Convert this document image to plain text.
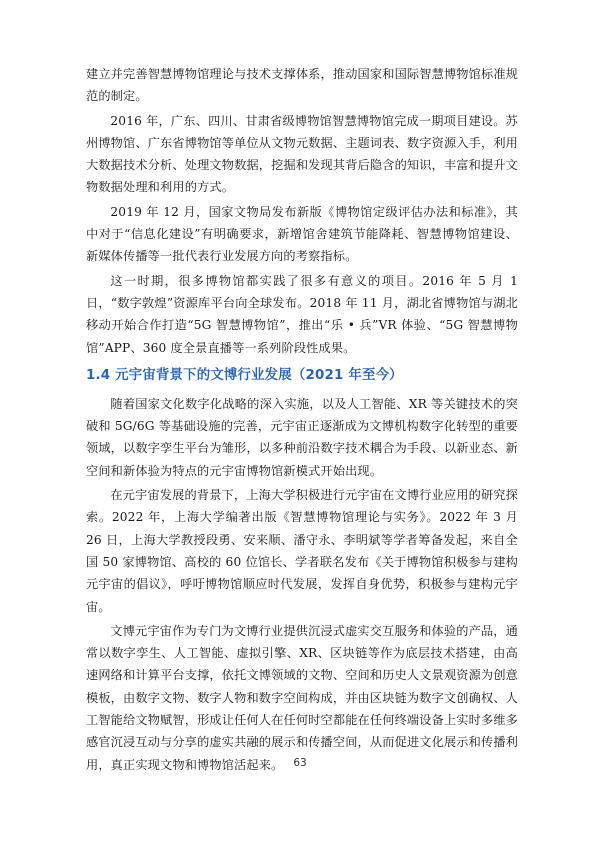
建立并完善智慧博物馆理论与技术支撑体系，推动国家和国际智慧博物馆标准规范的制定。

2016 年，广东、四川、甘肃省级博物馆智慧博物馆完成一期项目建设。苏州博物馆、广东省博物馆等单位从文物元数据、主题词表、数字资源入手，利用大数据技术分析、处理文物数据，挖掘和发现其背后隐含的知识，丰富和提升文物数据处理和利用的方式。

2019 年 12 月，国家文物局发布新版《博物馆定级评估办法和标准》，其中对于“信息化建设”有明确要求，新增馆舍建筑节能降耗、智慧博物馆建设、新媒体传播等一批代表行业发展方向的考察指标。

这一时期，很多博物馆都实践了很多有意义的项目。2016 年 5 月 1 日，“数字敦煌”资源库平台向全球发布。2018 年 11 月，湖北省博物馆与湖北移动开始合作打造“5G 智慧博物馆”，推出“乐 • 兵”VR 体验、“5G 智慧博物馆”APP、360 度全景直播等一系列阶段性成果。

1.4 元宇宙背景下的文博行业发展（2021 年至今）

随着国家文化数字化战略的深入实施，以及人工智能、XR 等关键技术的突破和 5G/6G 等基础设施的完善，元宇宙正逐渐成为文博机构数字化转型的重要领域，以数字孪生平台为雏形，以多种前沿数字技术耦合为手段、以新业态、新空间和新体验为特点的元宇宙博物馆新模式开始出现。

在元宇宙发展的背景下，上海大学积极进行元宇宙在文博行业应用的研究探索。2022 年，上海大学编著出版《智慧博物馆理论与实务》。2022 年 3 月 26 日，上海大学教授段勇、安来顺、潘守永、李明斌等学者筹备发起，来自全国 50 家博物馆、高校的 60 位馆长、学者联名发布《关于博物馆积极参与建构元宇宙的倡议》，呼吁博物馆顺应时代发展，发挥自身优势，积极参与建构元宇宙。

文博元宇宙作为专门为文博行业提供沉浸式虚实交互服务和体验的产品，通常以数字孪生、人工智能、虚拟引擎、XR、区块链等作为底层技术搭建，由高速网络和计算平台支撑，依托文博领域的文物、空间和历史人文景观资源为创意模板，由数字文物、数字人物和数字空间构成，并由区块链为数字文创确权、人工智能给文物赋智，形成让任何人在任何时空都能在任何终端设备上实时多维多感官沉浸互动与分享的虚实共融的展示和传播空间，从而促进文化展示和传播利用，真正实现文物和博物馆活起来。 63
